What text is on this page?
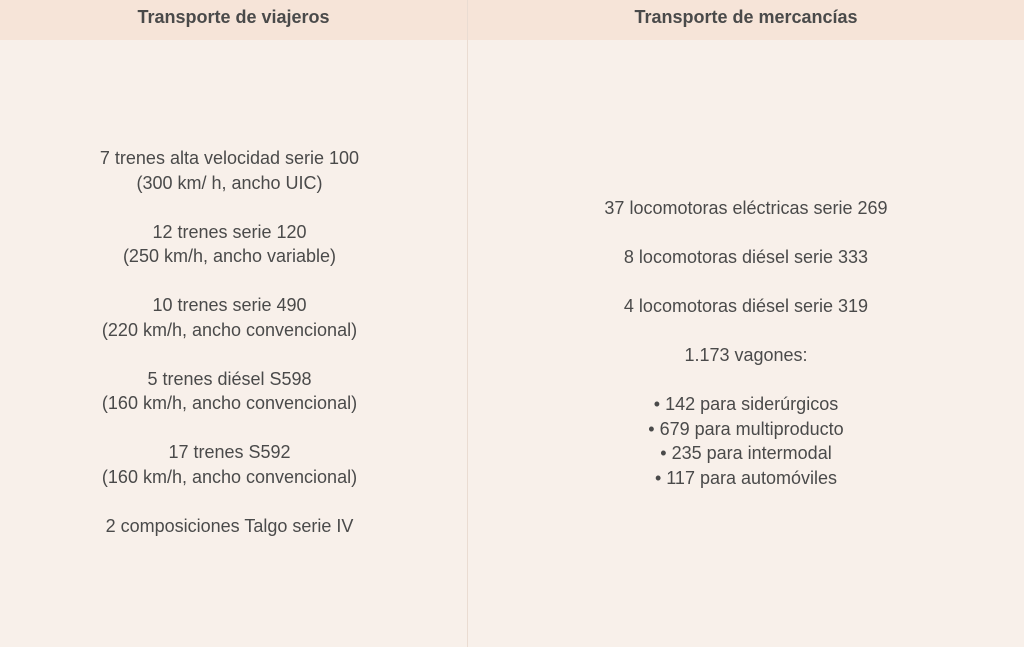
Transporte de viajeros
7 trenes alta velocidad serie 100
(300 km/ h, ancho UIC)
12 trenes serie 120
(250 km/h, ancho variable)
10 trenes serie 490
(220 km/h, ancho convencional)
5 trenes diésel S598
(160 km/h, ancho convencional)
17 trenes S592
(160 km/h, ancho convencional)
2 composiciones Talgo serie IV
Transporte de mercancías
37 locomotoras eléctricas serie 269
8 locomotoras diésel serie 333
4 locomotoras diésel serie 319
1.173 vagones:
• 142 para siderúrgicos
• 679 para multiproducto
• 235 para intermodal
• 117 para automóviles
